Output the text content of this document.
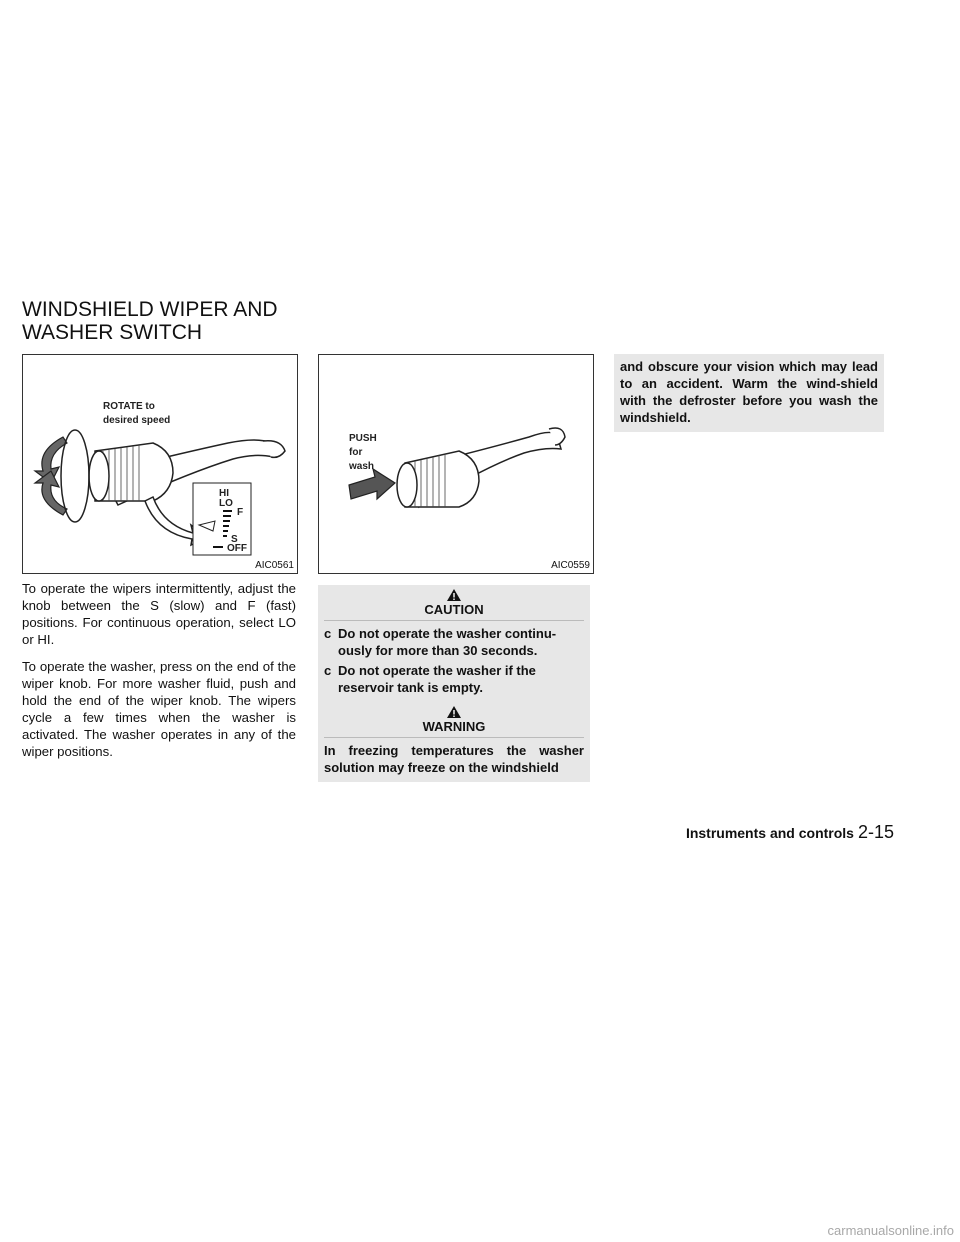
WINDSHIELD WIPER AND
WASHER SWITCH
HI
LO
F
S
OFF
ROTATE to
desired speed
AIC0561
PUSH
for
wash
AIC0559

To operate the wipers intermittently, adjust the knob between the S (slow) and F (fast) positions. For continuous operation, select LO or HI.

To operate the washer, press on the end of the wiper knob. For more washer fluid, push and hold the end of the wiper knob. The wipers cycle a few times when the washer is activated. The washer operates in any of the wiper positions.

CAUTION
c Do not operate the washer continu-ously for more than 30 seconds.
c Do not operate the washer if the reservoir tank is empty.
WARNING
In freezing temperatures the washer solution may freeze on the windshield
and obscure your vision which may lead to an accident. Warm the wind-shield with the defroster before you wash the windshield.
Instruments and controls 2-15
carmanualsonline.info
